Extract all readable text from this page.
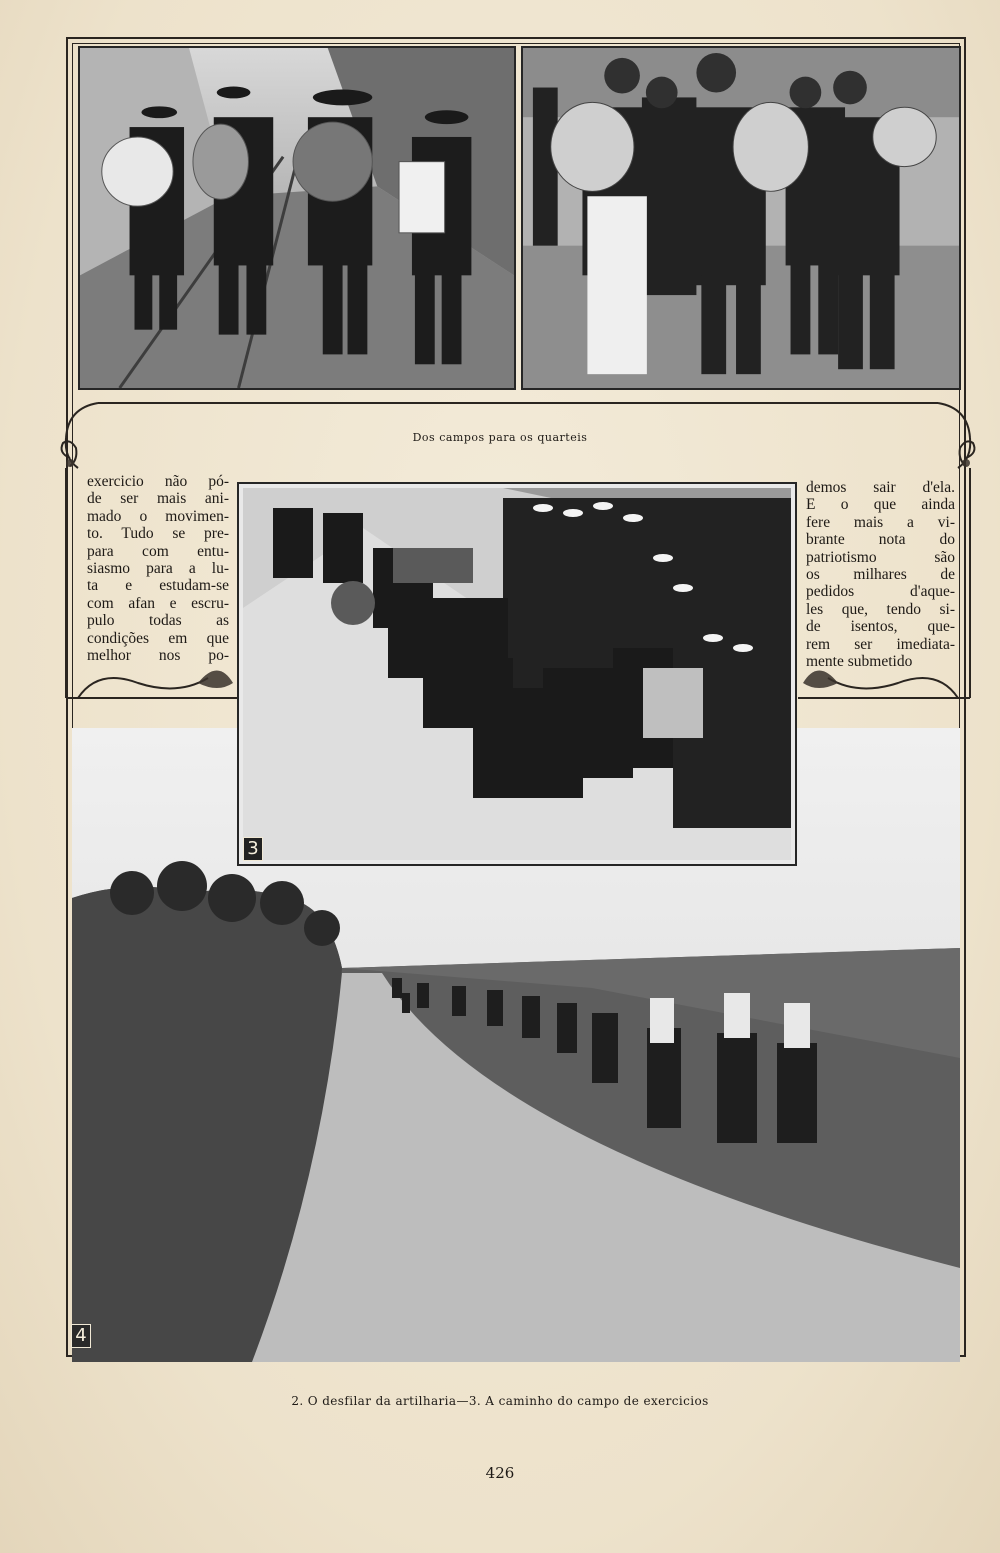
Dos campos para os quarteis
exercicio não pó-
de ser mais ani-
mado o movimen-
to. Tudo se pre-
para com entu-
siasmo para a lu-
ta e estudam-se
com afan e escru-
pulo todas as
condições em que
melhor nos po-
demos sair d'ela.
E o que ainda
fere mais a vi-
brante nota do
patriotismo são
os milhares de
pedidos d'aque-
les que, tendo si-
de isentos, que-
rem ser imediata-
mente submetido
4
3
2. O desfilar da artilharia—3. A caminho do campo de exercicios
426
